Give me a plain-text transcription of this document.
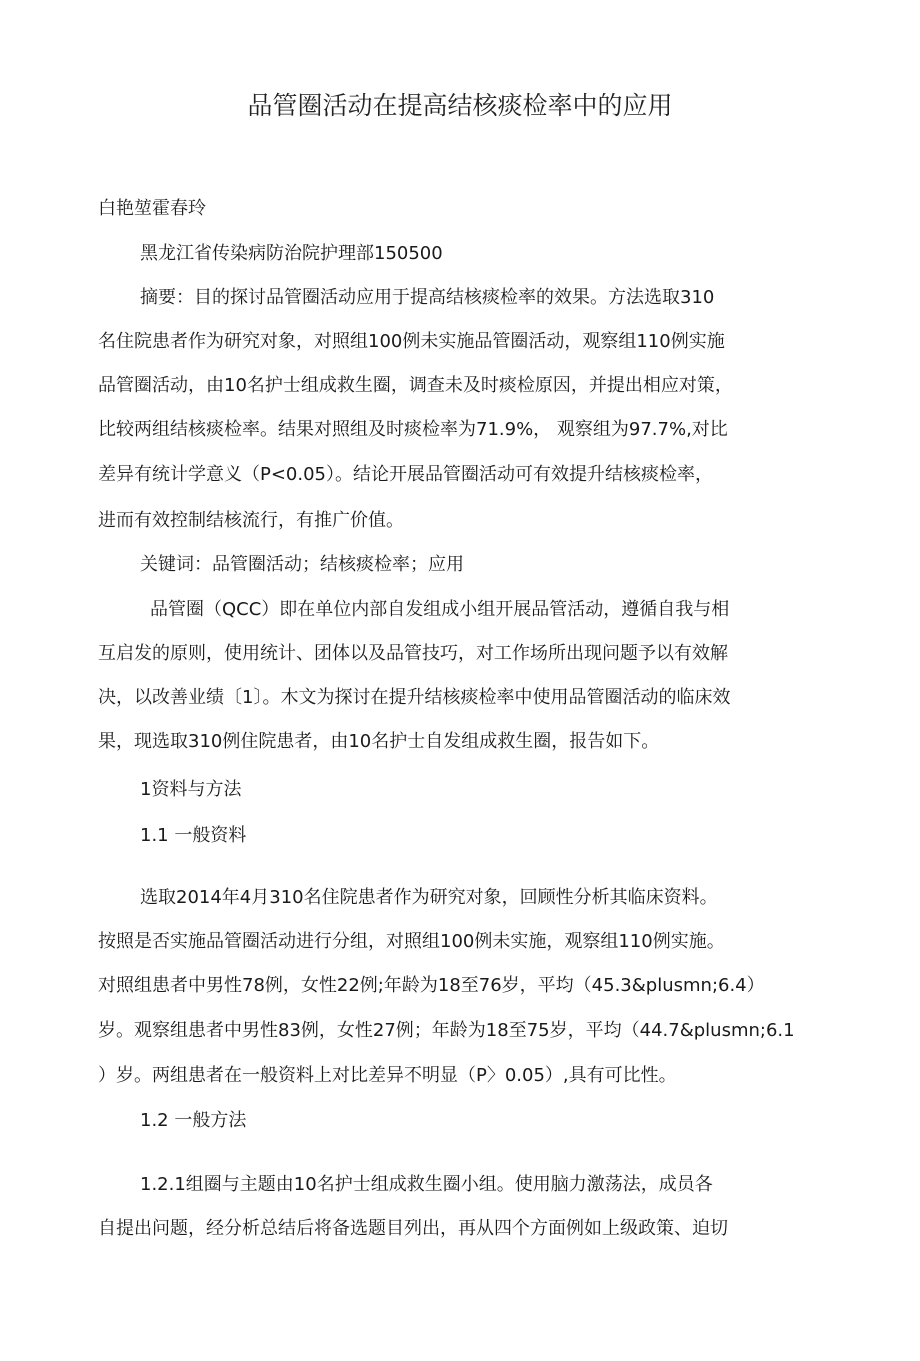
品管圈活动在提高结核痰检率中的应用
白艳堃霍春玲
黑龙江省传染病防治院护理部150500
摘要：目的探讨品管圈活动应用于提高结核痰检率的效果。方法选取310
名住院患者作为研究对象，对照组100例未实施品管圈活动，观察组110例实施
品管圈活动，由10名护士组成救生圈，调查未及时痰检原因，并提出相应对策，
比较两组结核痰检率。结果对照组及时痰检率为71.9%， 观察组为97.7%,对比
差异有统计学意义（P<0.05）。结论开展品管圈活动可有效提升结核痰检率，
进而有效控制结核流行，有推广价值。
关键词：品管圈活动；结核痰检率；应用
品管圈（QCC）即在单位内部自发组成小组开展品管活动，遵循自我与相
互启发的原则，使用统计、团体以及品管技巧，对工作场所出现问题予以有效解
决，以改善业绩〔1〕。木文为探讨在提升结核痰检率中使用品管圈活动的临床效
果，现选取310例住院患者，由10名护士自发组成救生圈，报告如下。
1资料与方法
1.1 一般资料
选取2014年4月310名住院患者作为研究对象，回顾性分析其临床资料。
按照是否实施品管圈活动进行分组，对照组100例未实施，观察组110例实施。
对照组患者中男性78例，女性22例;年龄为18至76岁，平均（45.3&plusmn;6.4）
岁。观察组患者中男性83例，女性27例；年龄为18至75岁，平均（44.7&plusmn;6.1
）岁。两组患者在一般资料上对比差异不明显（P〉0.05）,具有可比性。
1.2 一般方法
1.2.1组圈与主题由10名护士组成救生圈小组。使用脑力激荡法，成员各
自提出问题，经分析总结后将备选题目列出，再从四个方面例如上级政策、迫切
